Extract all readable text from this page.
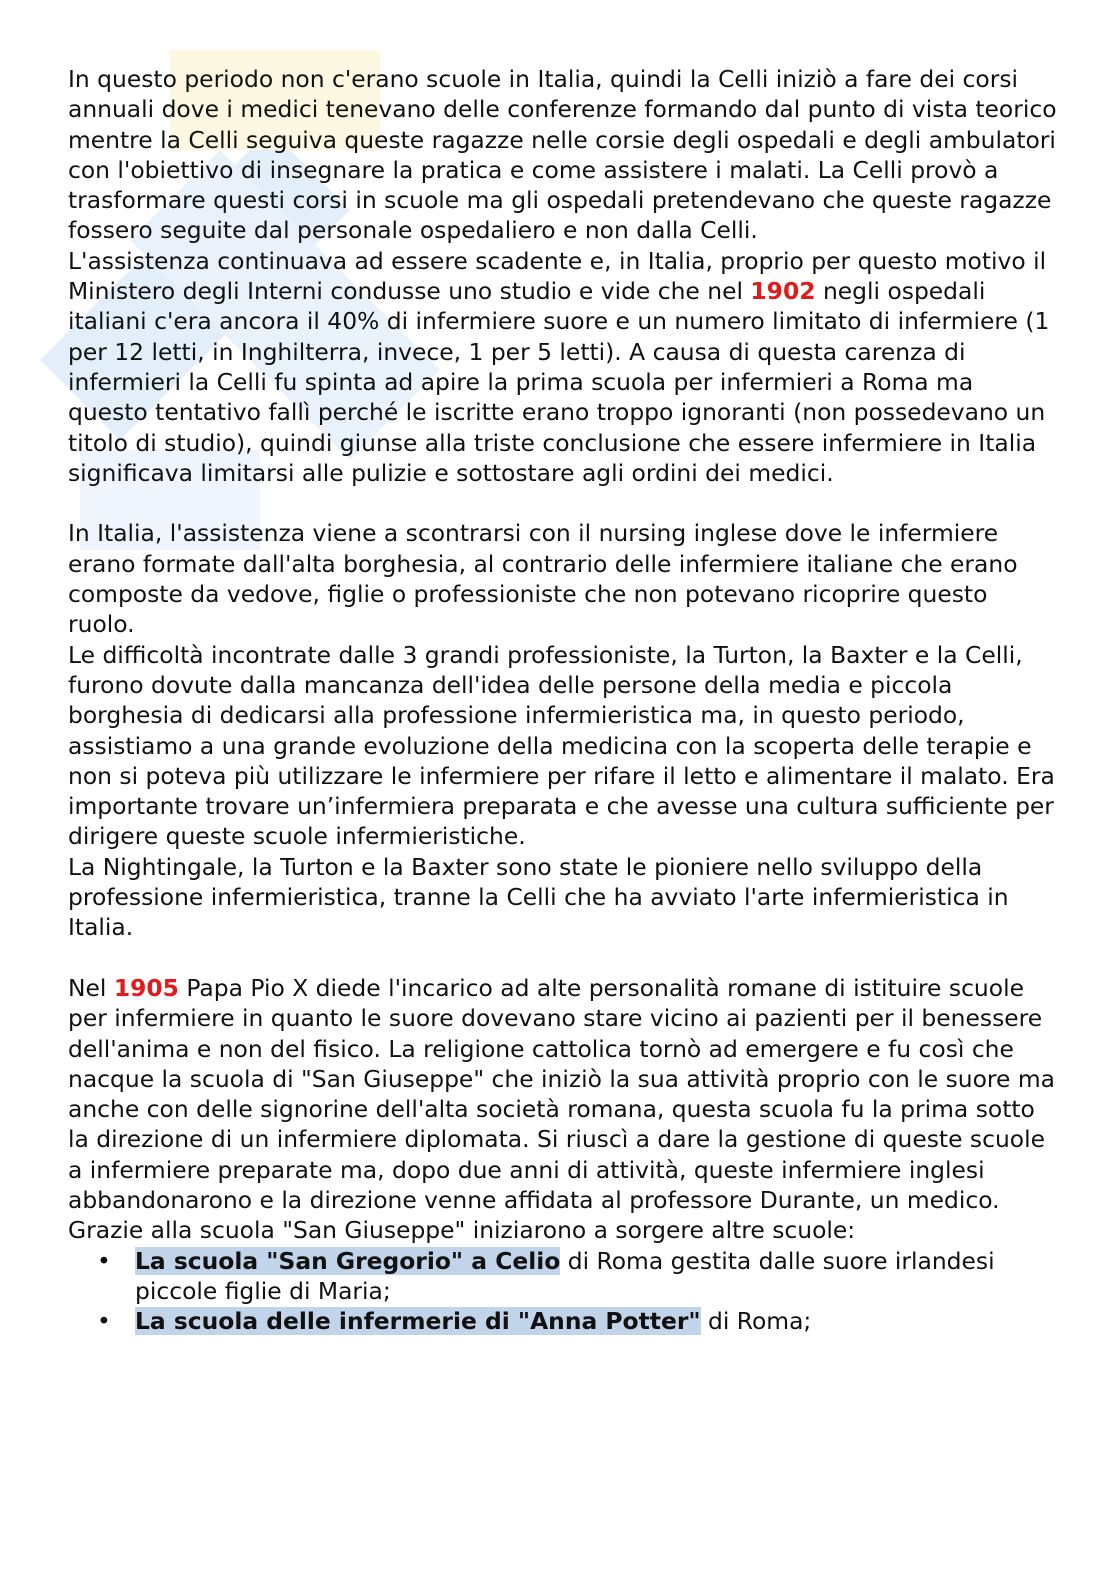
In questo periodo non c'erano scuole in Italia, quindi la Celli iniziò a fare dei corsi annuali dove i medici tenevano delle conferenze formando dal punto di vista teorico mentre la Celli seguiva queste ragazze nelle corsie degli ospedali e degli ambulatori con l'obiettivo di insegnare la pratica e come assistere i malati. La Celli provò a trasformare questi corsi in scuole ma gli ospedali pretendevano che queste ragazze fossero seguite dal personale ospedaliero e non dalla Celli.

L'assistenza continuava ad essere scadente e, in Italia, proprio per questo motivo il Ministero degli Interni condusse uno studio e vide che nel 1902 negli ospedali italiani c'era ancora il 40% di infermiere suore e un numero limitato di infermiere (1 per 12 letti, in Inghilterra, invece, 1 per 5 letti). A causa di questa carenza di infermieri la Celli fu spinta ad apire la prima scuola per infermieri a Roma ma questo tentativo fallì perché le iscritte erano troppo ignoranti (non possedevano un titolo di studio), quindi giunse alla triste conclusione che essere infermiere in Italia significava limitarsi alle pulizie e sottostare agli ordini dei medici.

In Italia, l'assistenza viene a scontrarsi con il nursing inglese dove le infermiere erano formate dall'alta borghesia, al contrario delle infermiere italiane che erano composte da vedove, figlie o professioniste che non potevano ricoprire questo ruolo.

Le difficoltà incontrate dalle 3 grandi professioniste, la Turton, la Baxter e la Celli, furono dovute dalla mancanza dell'idea delle persone della media e piccola borghesia di dedicarsi alla professione infermieristica ma, in questo periodo, assistiamo a una grande evoluzione della medicina con la scoperta delle terapie e non si poteva più utilizzare le infermiere per rifare il letto e alimentare il malato. Era importante trovare un’infermiera preparata e che avesse una cultura sufficiente per dirigere queste scuole infermieristiche.

La Nightingale, la Turton e la Baxter sono state le pioniere nello sviluppo della professione infermieristica, tranne la Celli che ha avviato l'arte infermieristica in Italia.

Nel 1905 Papa Pio X diede l'incarico ad alte personalità romane di istituire scuole per infermiere in quanto le suore dovevano stare vicino ai pazienti per il benessere dell'anima e non del fisico. La religione cattolica tornò ad emergere e fu così che nacque la scuola di "San Giuseppe" che iniziò la sua attività proprio con le suore ma anche con delle signorine dell'alta società romana, questa scuola fu la prima sotto la direzione di un infermiere diplomata. Si riuscì a dare la gestione di queste scuole a infermiere preparate ma, dopo due anni di attività, queste infermiere inglesi abbandonarono e la direzione venne affidata al professore Durante, un medico.

Grazie alla scuola "San Giuseppe" iniziarono a sorgere altre scuole:

• La scuola "San Gregorio" a Celio di Roma gestita dalle suore irlandesi piccole figlie di Maria;
• La scuola delle infermerie di "Anna Potter" di Roma;
